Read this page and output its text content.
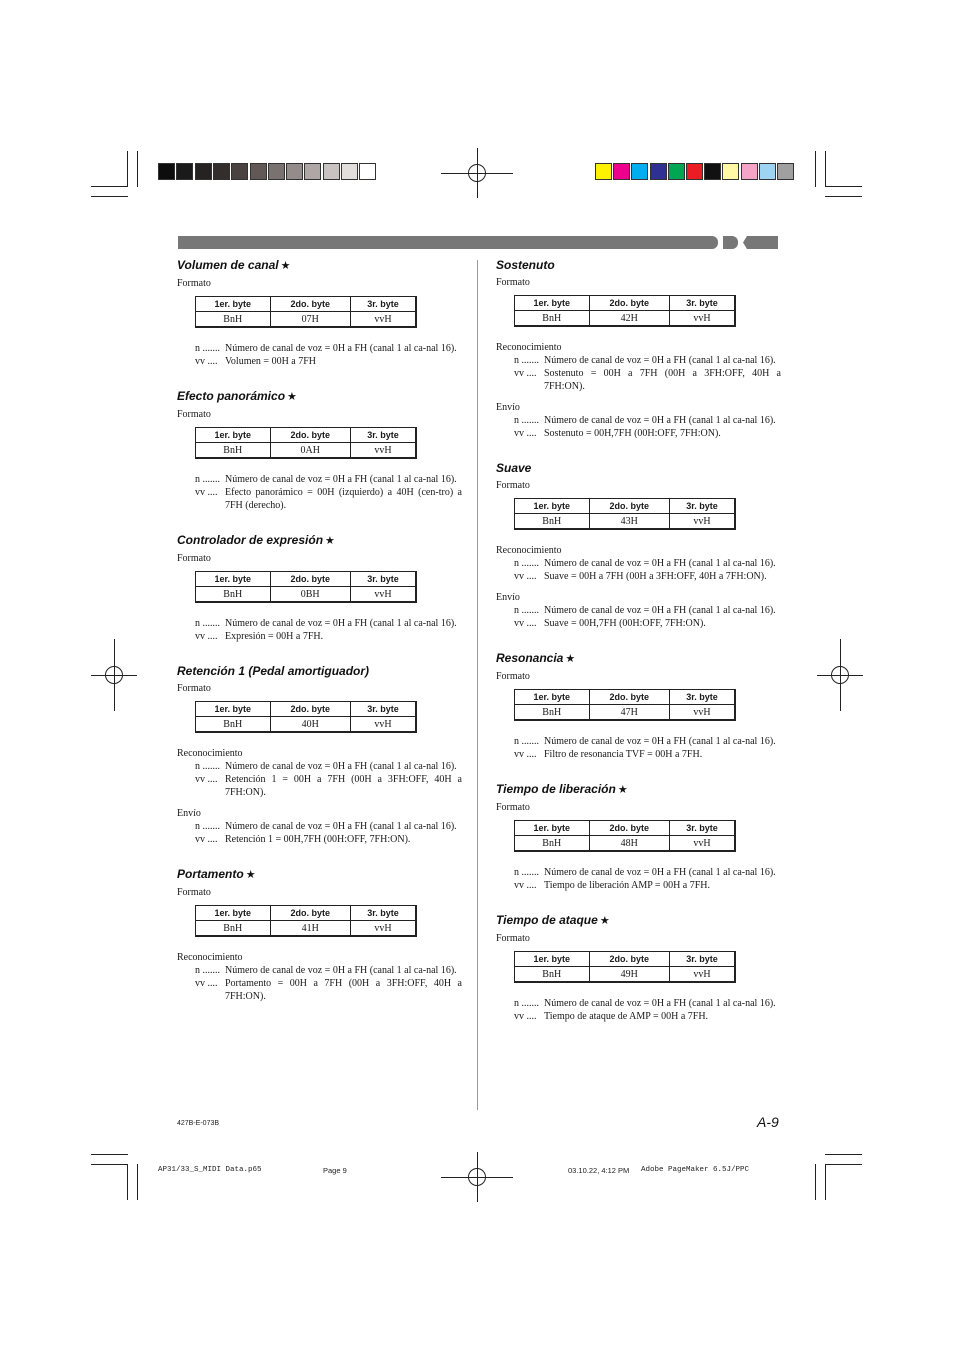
Volumen de canal ★
Formato
1er. byte	2do. byte	3r. byte
BnH	07H	vvH
n ....... Número de canal de voz = 0H a FH (canal 1 al ca-nal 16).
vv .... Volumen = 00H a 7FH
Efecto panorámico ★
Formato
1er. byte	2do. byte	3r. byte
BnH	0AH	vvH
n ....... Número de canal de voz = 0H a FH (canal 1 al ca-nal 16).
vv .... Efecto panorámico = 00H (izquierdo) a 40H (cen-tro) a 7FH (derecho).
Controlador de expresión ★
Formato
1er. byte	2do. byte	3r. byte
BnH	0BH	vvH
n ....... Número de canal de voz = 0H a FH (canal 1 al ca-nal 16).
vv .... Expresión = 00H a 7FH.
Retención 1 (Pedal amortiguador)
Formato
1er. byte	2do. byte	3r. byte
BnH	40H	vvH
Reconocimiento
n ....... Número de canal de voz = 0H a FH (canal 1 al ca-nal 16).
vv .... Retención 1 = 00H a 7FH (00H a 3FH:OFF, 40H a 7FH:ON).
Envío
n ....... Número de canal de voz = 0H a FH (canal 1 al ca-nal 16).
vv .... Retención 1 = 00H,7FH (00H:OFF, 7FH:ON).
Portamento ★
Formato
1er. byte	2do. byte	3r. byte
BnH	41H	vvH
Reconocimiento
n ....... Número de canal de voz = 0H a FH (canal 1 al ca-nal 16).
vv .... Portamento = 00H a 7FH (00H a 3FH:OFF, 40H a 7FH:ON).
Sostenuto
Formato
1er. byte	2do. byte	3r. byte
BnH	42H	vvH
Reconocimiento
n ....... Número de canal de voz = 0H a FH (canal 1 al ca-nal 16).
vv .... Sostenuto = 00H a 7FH (00H a 3FH:OFF, 40H a 7FH:ON).
Envío
n ....... Número de canal de voz = 0H a FH (canal 1 al ca-nal 16).
vv .... Sostenuto = 00H,7FH (00H:OFF, 7FH:ON).
Suave
Formato
1er. byte	2do. byte	3r. byte
BnH	43H	vvH
Reconocimiento
n ....... Número de canal de voz = 0H a FH (canal 1 al ca-nal 16).
vv .... Suave = 00H a 7FH (00H a 3FH:OFF, 40H a 7FH:ON).
Envío
n ....... Número de canal de voz = 0H a FH (canal 1 al ca-nal 16).
vv .... Suave = 00H,7FH (00H:OFF, 7FH:ON).
Resonancia ★
Formato
1er. byte	2do. byte	3r. byte
BnH	47H	vvH
n ....... Número de canal de voz = 0H a FH (canal 1 al ca-nal 16).
vv .... Filtro de resonancia TVF = 00H a 7FH.
Tiempo de liberación ★
Formato
1er. byte	2do. byte	3r. byte
BnH	48H	vvH
n ....... Número de canal de voz = 0H a FH (canal 1 al ca-nal 16).
vv .... Tiempo de liberación AMP = 00H a 7FH.
Tiempo de ataque ★
Formato
1er. byte	2do. byte	3r. byte
BnH	49H	vvH
n ....... Número de canal de voz = 0H a FH (canal 1 al ca-nal 16).
vv .... Tiempo de ataque de AMP = 00H a 7FH.
427B-E-073B	A-9
AP31/33_S_MIDI Data.p65	Page 9	03.10.22, 4:12 PM Adobe PageMaker 6.5J/PPC
